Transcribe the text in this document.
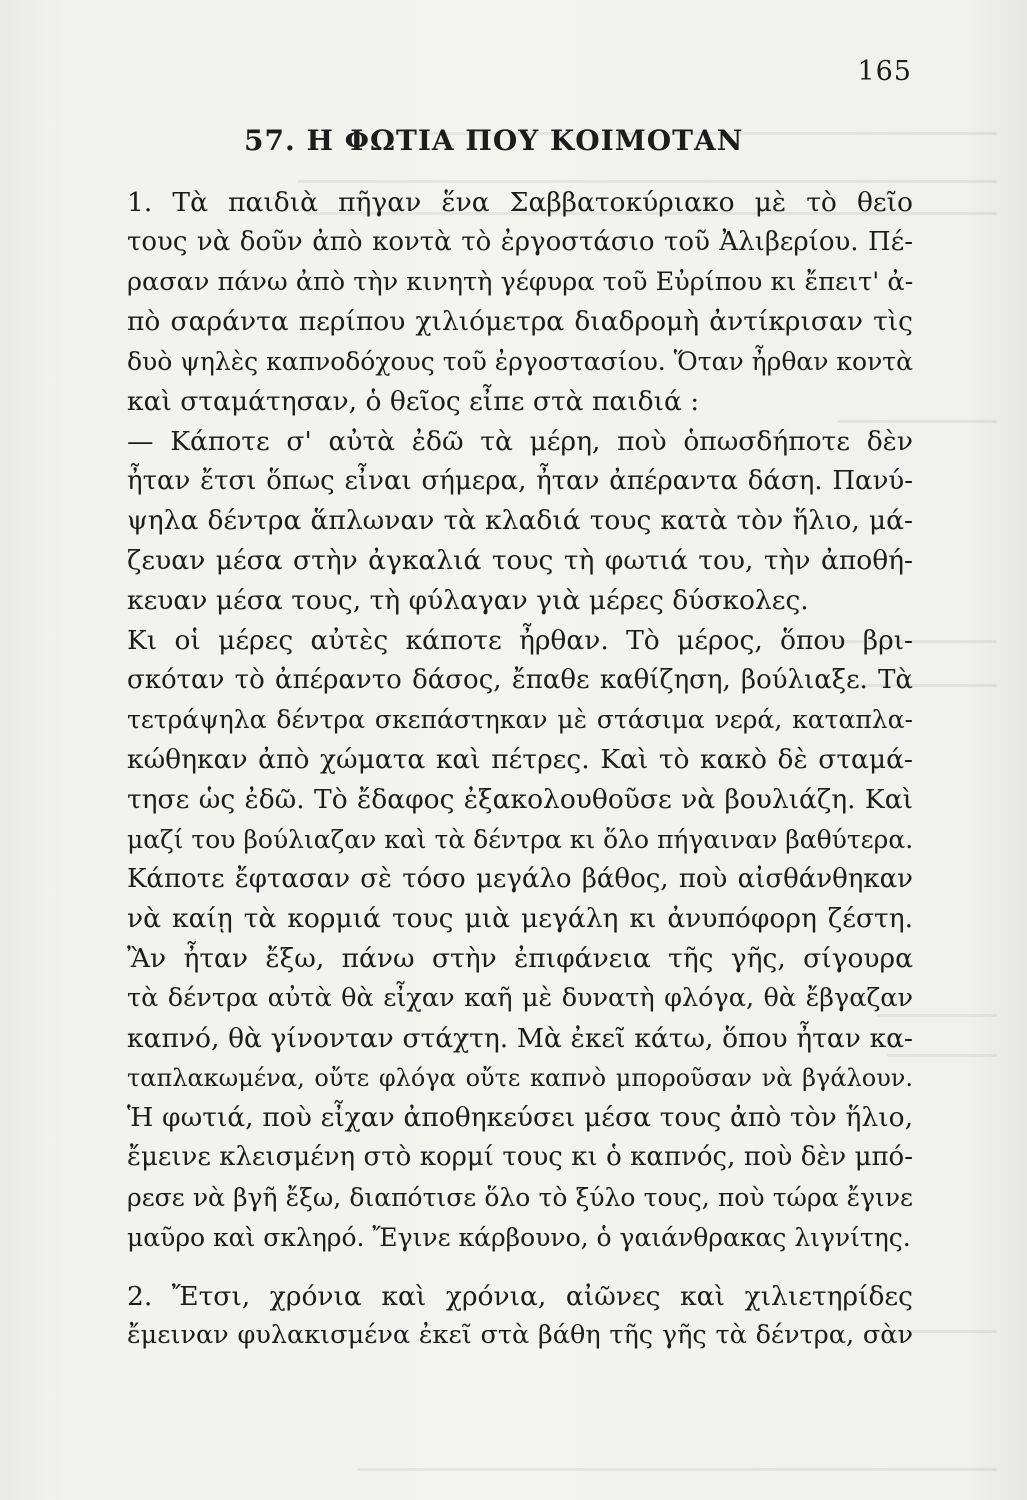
165
57. Η ΦΩΤΙΑ ΠΟΥ ΚΟΙΜΟΤΑΝ
1. Τὰ παιδιὰ πῆγαν ἕνα Σαββατοκύριακο μὲ τὸ θεῖο
τους νὰ δοῦν ἀπὸ κοντὰ τὸ ἐργοστάσιο τοῦ Ἀλιβερίου. Πέ-
ρασαν πάνω ἀπὸ τὴν κινητὴ γέφυρα τοῦ Εὐρίπου κι ἔπειτ' ἀ-
πὸ σαράντα περίπου χιλιόμετρα διαδρομὴ ἀντίκρισαν τὶς
δυὸ ψηλὲς καπνοδόχους τοῦ ἐργοστασίου. Ὅταν ἦρθαν κοντὰ
καὶ σταμάτησαν, ὁ θεῖος εἶπε στὰ παιδιά :
— Κάποτε σ' αὐτὰ ἐδῶ τὰ μέρη, ποὺ ὁπωσδήποτε δὲν
ἦταν ἔτσι ὅπως εἶναι σήμερα, ἦταν ἀπέραντα δάση. Πανύ-
ψηλα δέντρα ἅπλωναν τὰ κλαδιά τους κατὰ τὸν ἥλιο, μά-
ζευαν μέσα στὴν ἀγκαλιά τους τὴ φωτιά του, τὴν ἀποθή-
κευαν μέσα τους, τὴ φύλαγαν γιὰ μέρες δύσκολες.
Κι οἱ μέρες αὐτὲς κάποτε ἦρθαν. Τὸ μέρος, ὅπου βρι-
σκόταν τὸ ἀπέραντο δάσος, ἔπαθε καθίζηση, βούλιαξε. Τὰ
τετράψηλα δέντρα σκεπάστηκαν μὲ στάσιμα νερά, καταπλα-
κώθηκαν ἀπὸ χώματα καὶ πέτρες. Καὶ τὸ κακὸ δὲ σταμά-
τησε ὡς ἐδῶ. Τὸ ἔδαφος ἐξακολουθοῦσε νὰ βουλιάζη. Καὶ
μαζί του βούλιαζαν καὶ τὰ δέντρα κι ὅλο πήγαιναν βαθύτερα.
Κάποτε ἔφτασαν σὲ τόσο μεγάλο βάθος, ποὺ αἰσθάνθηκαν
νὰ καίῃ τὰ κορμιά τους μιὰ μεγάλη κι ἀνυπόφορη ζέστη.
Ἂν ἦταν ἔξω, πάνω στὴν ἐπιφάνεια τῆς γῆς, σίγουρα
τὰ δέντρα αὐτὰ θὰ εἶχαν καῆ μὲ δυνατὴ φλόγα, θὰ ἔβγαζαν
καπνό, θὰ γίνονταν στάχτη. Μὰ ἐκεῖ κάτω, ὅπου ἦταν κα-
ταπλακωμένα, οὔτε φλόγα οὔτε καπνὸ μποροῦσαν νὰ βγάλουν.
Ἡ φωτιά, ποὺ εἶχαν ἀποθηκεύσει μέσα τους ἀπὸ τὸν ἥλιο,
ἔμεινε κλεισμένη στὸ κορμί τους κι ὁ καπνός, ποὺ δὲν μπό-
ρεσε νὰ βγῆ ἔξω, διαπότισε ὅλο τὸ ξύλο τους, ποὺ τώρα ἔγινε
μαῦρο καὶ σκληρό. Ἔγινε κάρβουνο, ὁ γαιάνθρακας λιγνίτης.
2. Ἔτσι, χρόνια καὶ χρόνια, αἰῶνες καὶ χιλιετηρίδες
ἔμειναν φυλακισμένα ἐκεῖ στὰ βάθη τῆς γῆς τὰ δέντρα, σὰν
